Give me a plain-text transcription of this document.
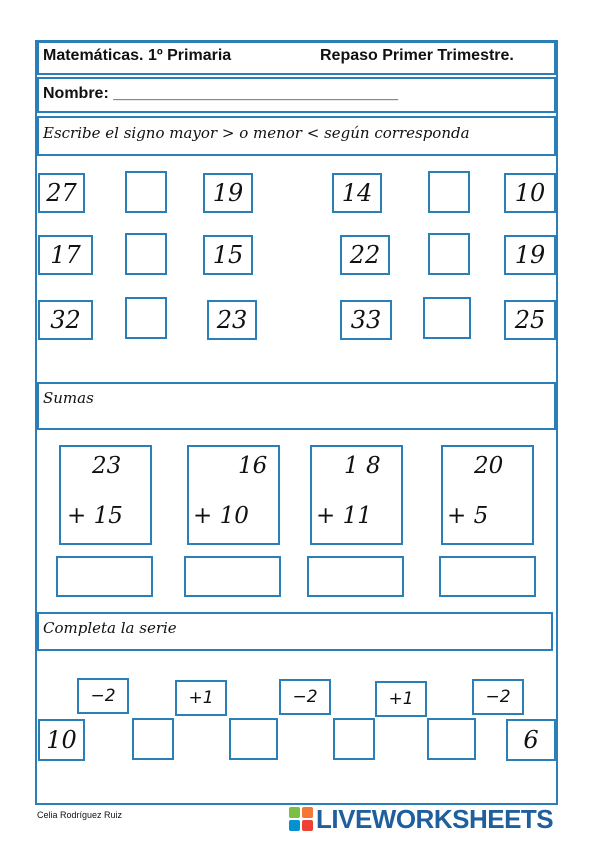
Matemáticas. 1º Primaria	Repaso Primer Trimestre.
Nombre: ________________________________
Escribe el signo mayor > o menor < según corresponda
27	19	14	10
17	15	22	19
32	23	33	25
Sumas
23
+ 15
16
+ 10
1 8
+ 11
20
+ 5
Completa la serie
−2	+1	−2	+1	−2
10	6
Celia Rodríguez Ruiz	LIVEWORKSHEETS
